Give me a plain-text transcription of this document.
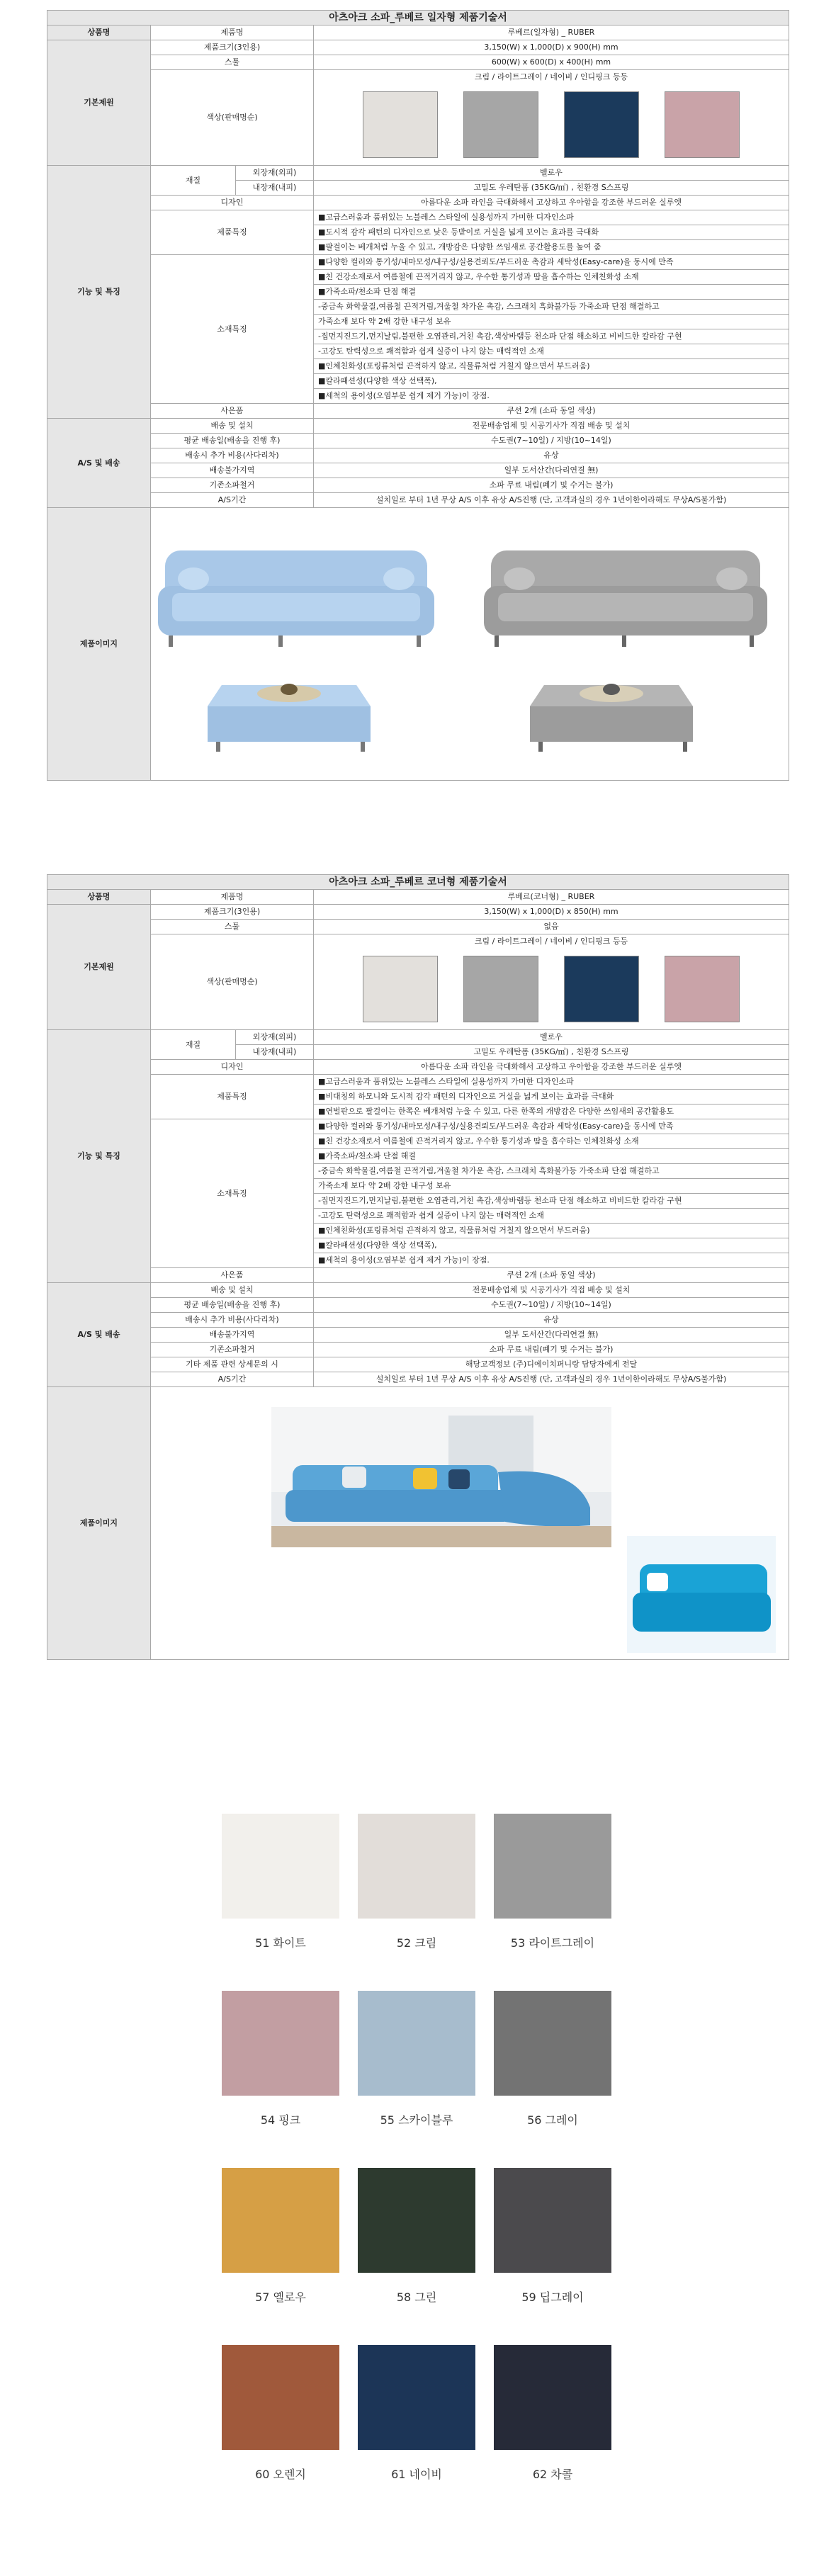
아츠아크 소파_루베르 일자형 제품기술서			
상품명	제품명		루베르(일자형) _ RUBER
기본제원	제품크기(3인용)		3,150(W) x 1,000(D) x 900(H) mm
	스툴		600(W) x 600(D) x 400(H) mm
	색상(판매명순)		크림 / 라이트그레이 / 네이비 / 인디핑크 등등

기능 및 특징	재질	외장재(외피)	벨로우
		내장재(내피)	고밀도 우레탄폼 (35KG/㎥) , 친환경 S스프링
	디자인		아름다운 소파 라인을 극대화해서 고상하고 우아함을 강조한 부드러운 실루엣
	제품특징		■고급스러움과 품위있는 노블레스 스타일에 실용성까지 가미한 디자인소파
			■도시적 감각 패턴의 디자인으로 낮은 등받이로 거실을 넓게 보이는 효과를 극대화
			■팔걸이는 베개처럼 누울 수 있고, 개방감은 다양한 쓰임새로 공간활용도를 높여 줌
	소재특징		■다양한 컬러와 통기성/내마모성/내구성/실용견뢰도/부드러운 촉감과 세탁성(Easy-care)을 동시에 만족
			■친 건강소재로서 여름철에 끈적거리지 않고, 우수한 통기성과 땀을 흡수하는 인체친화성 소재
			■가죽소파/천소파 단점 해결
			-중금속 화학물질,여름철 끈적거림,겨울철 차가운 촉감, 스크래치 흑화불가등 가죽소파 단점 해결하고
			가죽소재 보다 약 2배 강한 내구성 보유
			-집먼지진드기,먼지날림,불편한 오염관리,거친 촉감,색상바램등 천소파 단점 해소하고 비비드한 칼라감 구현
			-고강도 탄력성으로 쾌적함과 쉽게 실증이 나지 않는 매력적인 소재
			■인체친화성(포링류처럼 끈적하지 않고, 직물류처럼 거칠지 않으면서 부드러움)
			■칼라패션성(다양한 색상 선택폭),
			■세척의 용이성(오염부분 쉽게 제거 가능)이 장점.
	사은품		쿠션 2개 (소파 동일 색상)
A/S 및 배송	배송 및 설치		전문배송업체 및 시공기사가 직접 배송 및 설치
	평균 배송일(배송을 진행 후)		수도권(7~10일) / 지방(10~14일)
	배송시 추가 비용(사다리차)		유상
	배송불가지역		일부 도서산간(다리연결 無)
	기존소파철거		소파 무료 내림(폐기 및 수거는 불가)
	A/S기간		설치일로 부터 1년 무상 A/S 이후 유상 A/S진행 (단, 고객과실의 경우 1년이한이라해도 무상A/S불가함)
제품이미지	
아츠아크 소파_루베르 코너형 제품기술서			
상품명	제품명		루베르(코너형) _ RUBER
기본제원	제품크기(3인용)		3,150(W) x 1,000(D) x 850(H) mm
	스툴		없음
	색상(판매명순)		크림 / 라이트그레이 / 네이비 / 인디핑크 등등

기능 및 특징	재질	외장재(외피)	벨로우
		내장재(내피)	고밀도 우레탄폼 (35KG/㎥) , 친환경 S스프링
	디자인		아름다운 소파 라인을 극대화해서 고상하고 우아함을 강조한 부드러운 실루엣
	제품특징		■고급스러움과 품위있는 노블레스 스타일에 실용성까지 가미한 디자인소파
			■비대칭의 하모니와 도시적 감각 패턴의 디자인으로 거실을 넓게 보이는 효과를 극대화
			■연벌판으로 팔걸이는 한쪽은 베개처럼 누울 수 있고, 다른 한쪽의 개방감은 다양한 쓰임새의 공간활용도
	소재특징		■다양한 컬러와 통기성/내마모성/내구성/실용견뢰도/부드러운 촉감과 세탁성(Easy-care)을 동시에 만족
			■친 건강소재로서 여름철에 끈적거리지 않고, 우수한 통기성과 땀을 흡수하는 인체친화성 소재
			■가죽소파/천소파 단점 해결
			-중금속 화학물질,여름철 끈적거림,겨울철 차가운 촉감, 스크래치 흑화불가등 가죽소파 단점 해결하고
			가죽소재 보다 약 2배 강한 내구성 보유
			-집먼지진드기,먼지날림,불편한 오염관리,거친 촉감,색상바램등 천소파 단점 해소하고 비비드한 칼라감 구현
			-고강도 탄력성으로 쾌적함과 쉽게 실증이 나지 않는 매력적인 소재
			■인체친화성(포링류처럼 끈적하지 않고, 직물류처럼 거칠지 않으면서 부드러움)
			■칼라패션성(다양한 색상 선택폭),
			■세척의 용이성(오염부분 쉽게 제거 가능)이 장점.
	사은품		쿠션 2개 (소파 동일 색상)
A/S 및 배송	배송 및 설치		전문배송업체 및 시공기사가 직접 배송 및 설치
	평균 배송일(배송을 진행 후)		수도권(7~10일) / 지방(10~14일)
	배송시 추가 비용(사다리차)		유상
	배송불가지역		일부 도서산간(다리연결 無)
	기존소파철거		소파 무료 내림(폐기 및 수거는 불가)
	기타 제품 관련 상세문의 시		해당고객정보 (주)디에이치퍼니랑 담당자에게 전달
	A/S기간		설치일로 부터 1년 무상 A/S 이후 유상 A/S진행 (단, 고객과실의 경우 1년이한이라해도 무상A/S불가함)
제품이미지	
51 화이트	52 크림	53 라이트그레이
54 핑크	55 스카이블루	56 그레이
57 옐로우	58 그린	59 딥그레이
60 오렌지	61 네이비	62 차콜
